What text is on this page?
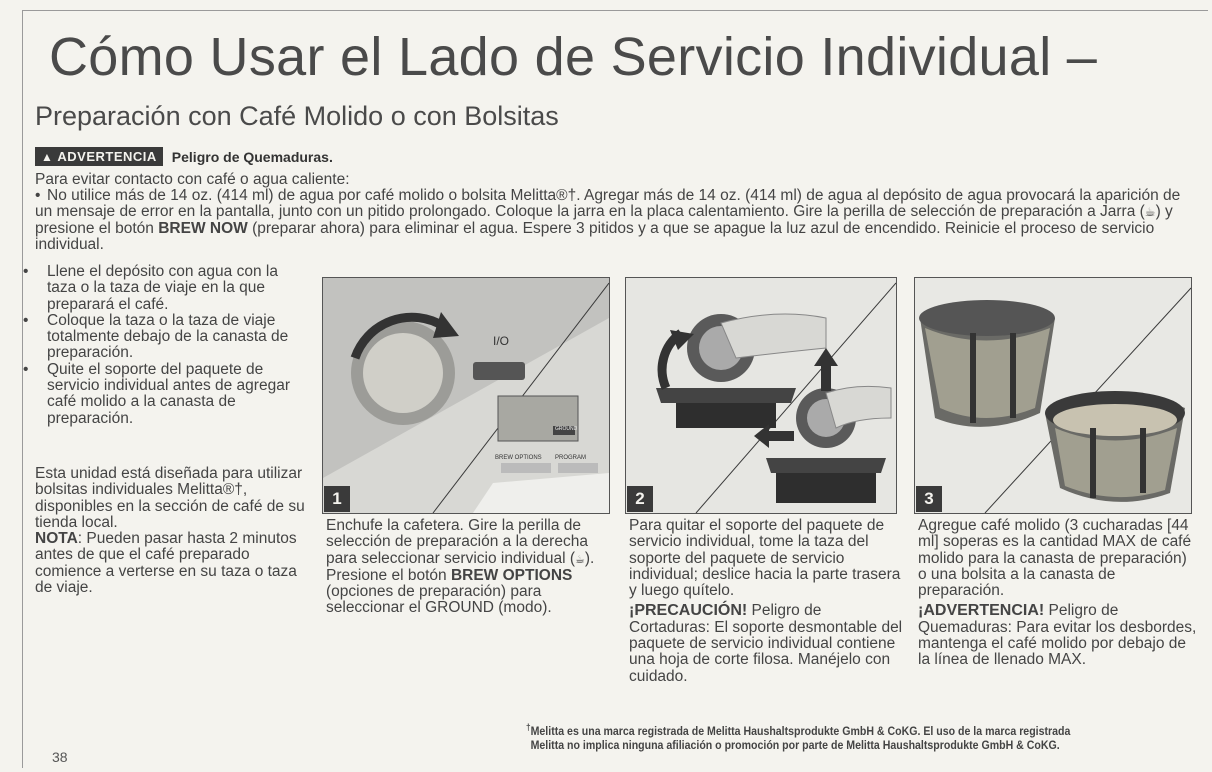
Cómo Usar el Lado de Servicio Individual –
Preparación con Café Molido o con Bolsitas
▲ ADVERTENCIA Peligro de Quemaduras.
Para evitar contacto con café o agua caliente:
• No utilice más de 14 oz. (414 ml) de agua por café molido o bolsita Melitta®†. Agregar más de 14 oz. (414 ml) de agua al depósito de agua provocará la aparición de un mensaje de error en la pantalla, junto con un pitido prolongado. Coloque la jarra en la placa calentamiento. Gire la perilla de selección de preparación a Jarra (☕) y presione el botón BREW NOW (preparar ahora) para eliminar el agua. Espere 3 pitidos y a que se apague la luz azul de encendido. Reinicie el proceso de servicio individual.
• Llene el depósito con agua con la taza o la taza de viaje en la que preparará el café.
• Coloque la taza o la taza de viaje totalmente debajo de la canasta de preparación.
• Quite el soporte del paquete de servicio individual antes de agregar café molido a la canasta de preparación.
Esta unidad está diseñada para utilizar bolsitas individuales Melitta®†, disponibles en la sección de café de su tienda local.
NOTA: Pueden pasar hasta 2 minutos antes de que el café preparado comience a verterse en su taza o taza de viaje.
I/O
BREW OPTIONS PROGRAM
GROUND
1	2	3
Enchufe la cafetera. Gire la perilla de selección de preparación a la derecha para seleccionar servicio individual (☕). Presione el botón BREW OPTIONS (opciones de preparación) para seleccionar el GROUND (modo).
Para quitar el soporte del paquete de servicio individual, tome la taza del soporte del paquete de servicio individual; deslice hacia la parte trasera y luego quítelo.
¡PRECAUCIÓN! Peligro de Cortaduras: El soporte desmontable del paquete de servicio individual contiene una hoja de corte filosa. Manéjelo con cuidado.
Agregue café molido (3 cucharadas [44 ml] soperas es la cantidad MAX de café molido para la canasta de preparación) o una bolsita a la canasta de preparación.
¡ADVERTENCIA! Peligro de Quemaduras: Para evitar los desbordes, mantenga el café molido por debajo de la línea de llenado MAX.
†Melitta es una marca registrada de Melitta Haushaltsprodukte GmbH & CoKG. El uso de la marca registrada
Melitta no implica ninguna afiliación o promoción por parte de Melitta Haushaltsprodukte GmbH & CoKG.
38
